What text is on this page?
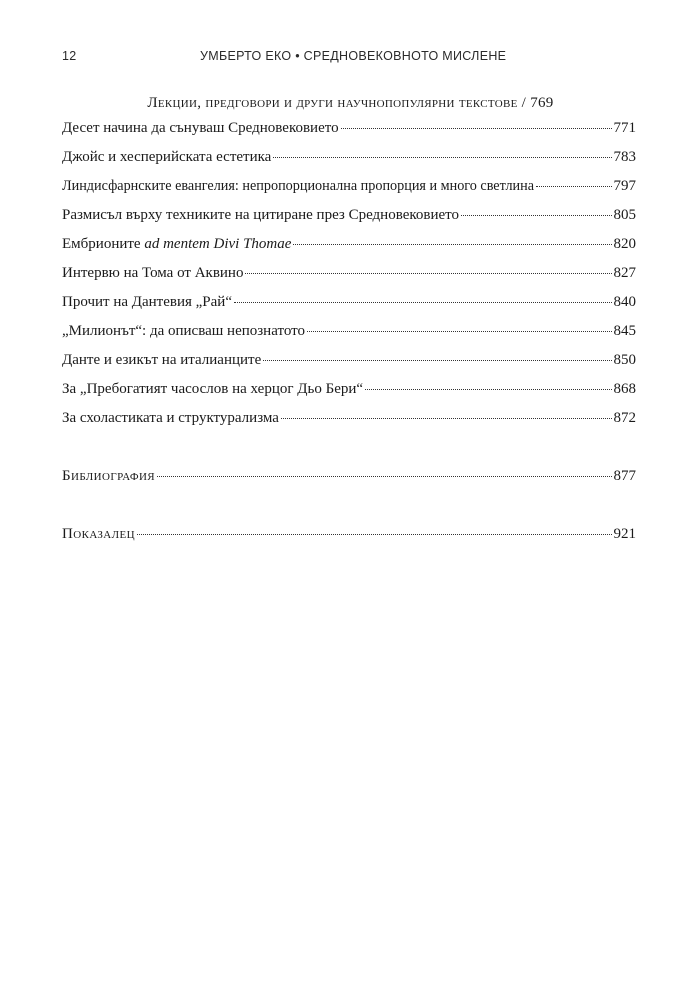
12	УМБЕРТО ЕКО • СРЕДНОВЕКОВНОТО МИСЛЕНЕ
Лекции, предговори и други научнопопулярни текстове / 769
Десет начина да сънуваш Средновековието	771
Джойс и хесперийската естетика	783
Линдисфарнските евангелия: непропорционална пропорция и много светлина	797
Размисъл върху техниките на цитиране през Средновековието	805
Ембрионите ad mentem Divi Thomae	820
Интервю на Тома от Аквино	827
Прочит на Дантевия „Рай“	840
„Милионът“: да описваш непознатото	845
Данте и езикът на италианците	850
За „Пребогатият часослов на херцог Дьо Бери“	868
За схоластиката и структурализма	872
Библиография	877
Показалец	921
